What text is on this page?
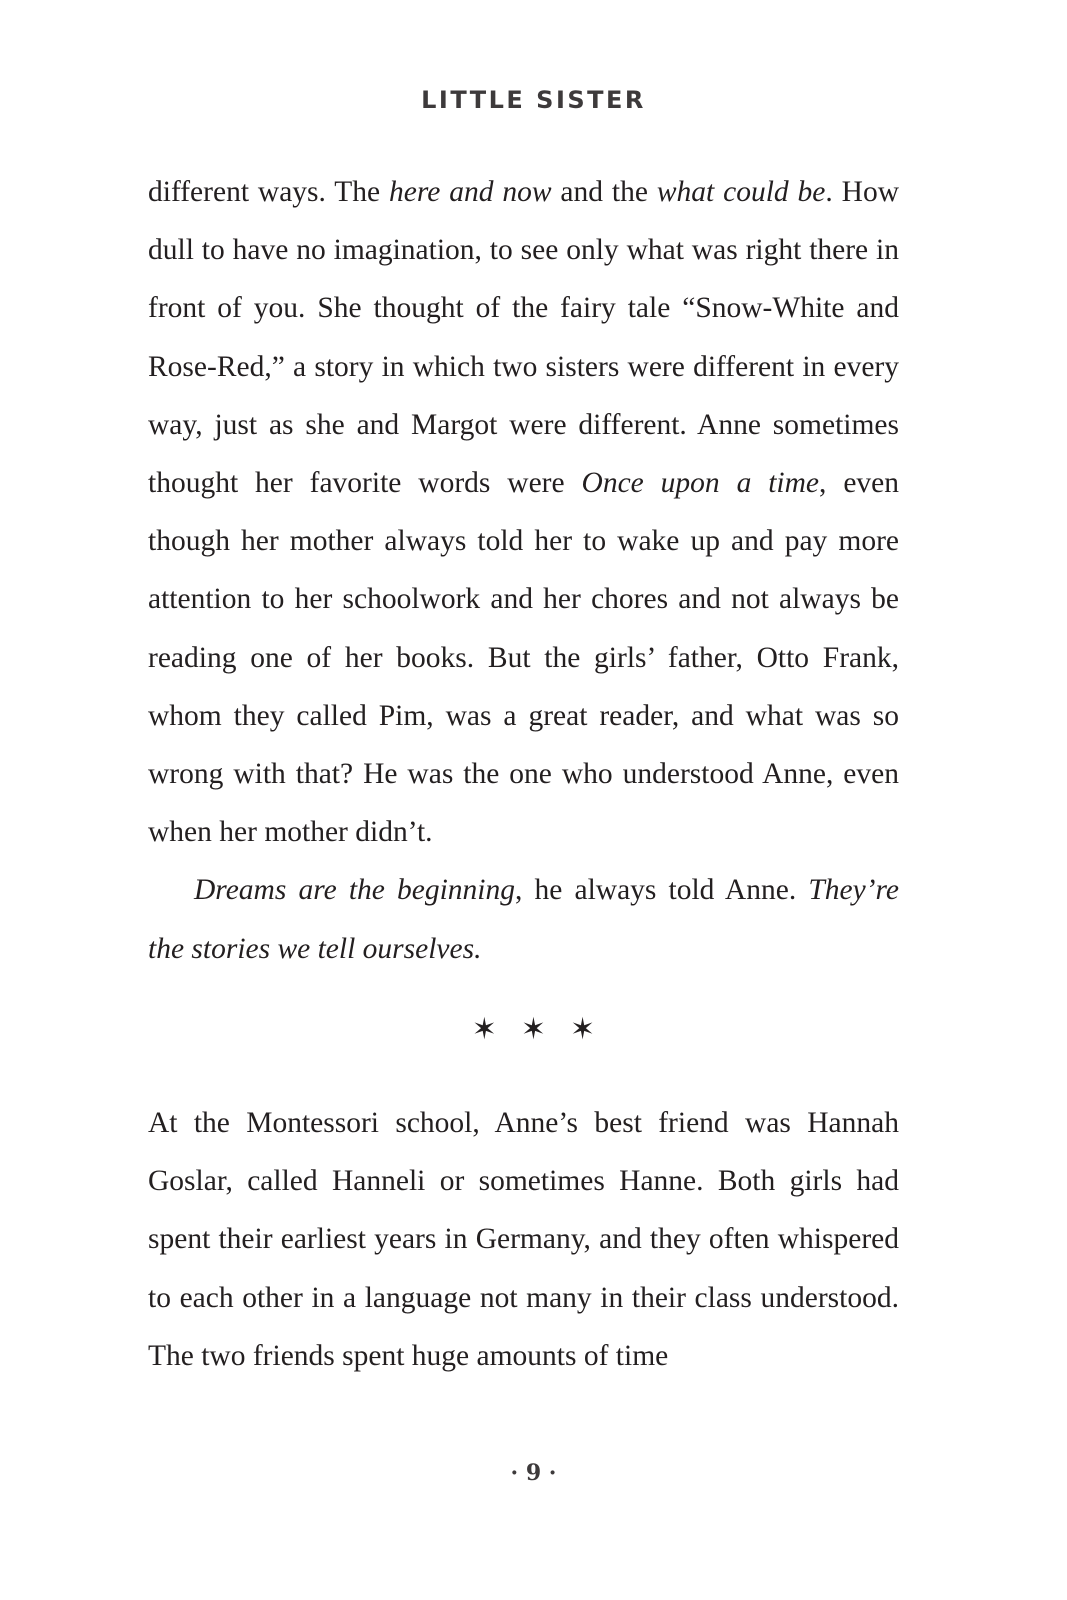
LITTLE SISTER

different ways. The here and now and the what could be. How dull to have no imagination, to see only what was right there in front of you. She thought of the fairy tale “Snow-White and Rose-Red,” a story in which two sisters were different in every way, just as she and Margot were different. Anne sometimes thought her favorite words were Once upon a time, even though her mother always told her to wake up and pay more attention to her schoolwork and her chores and not always be reading one of her books. But the girls’ father, Otto Frank, whom they called Pim, was a great reader, and what was so wrong with that? He was the one who understood Anne, even when her mother didn’t.

Dreams are the beginning, he always told Anne. They’re the stories we tell ourselves.

✶✶✶

At the Montessori school, Anne’s best friend was Hannah Goslar, called Hanneli or sometimes Hanne. Both girls had spent their earliest years in Germany, and they often whispered to each other in a language not many in their class understood. The two friends spent huge amounts of time

· 9 ·
